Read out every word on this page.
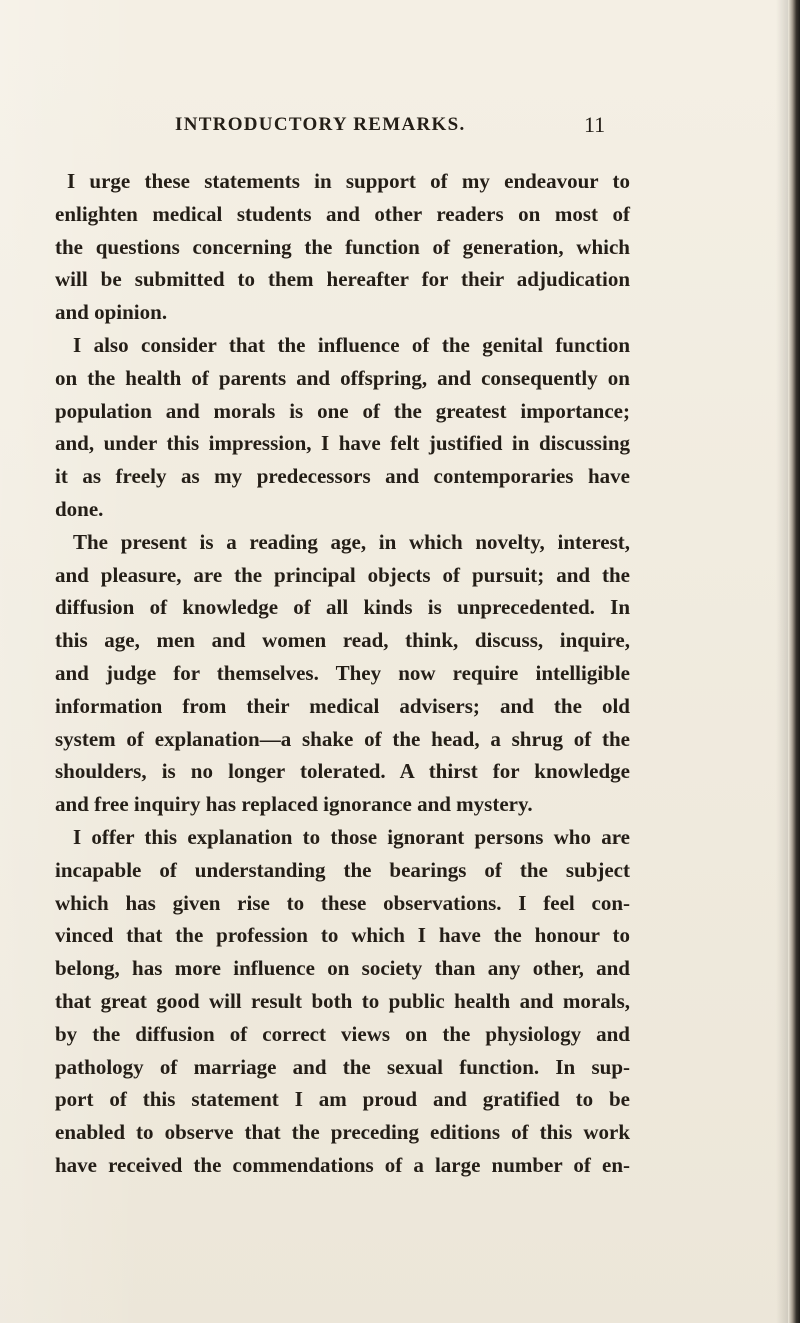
INTRODUCTORY REMARKS.	11
I urge these statements in support of my endeavour to
enlighten medical students and other readers on most of
the questions concerning the function of generation, which
will be submitted to them hereafter for their adjudication
and opinion.
I also consider that the influence of the genital function
on the health of parents and offspring, and consequently on
population and morals is one of the greatest importance;
and, under this impression, I have felt justified in discussing
it as freely as my predecessors and contemporaries have
done.
The present is a reading age, in which novelty, interest,
and pleasure, are the principal objects of pursuit; and the
diffusion of knowledge of all kinds is unprecedented. In
this age, men and women read, think, discuss, inquire,
and judge for themselves. They now require intelligible
information from their medical advisers; and the old
system of explanation—a shake of the head, a shrug of the
shoulders, is no longer tolerated. A thirst for knowledge
and free inquiry has replaced ignorance and mystery.
I offer this explanation to those ignorant persons who are
incapable of understanding the bearings of the subject
which has given rise to these observations. I feel con-
vinced that the profession to which I have the honour to
belong, has more influence on society than any other, and
that great good will result both to public health and morals,
by the diffusion of correct views on the physiology and
pathology of marriage and the sexual function. In sup-
port of this statement I am proud and gratified to be
enabled to observe that the preceding editions of this work
have received the commendations of a large number of en-
